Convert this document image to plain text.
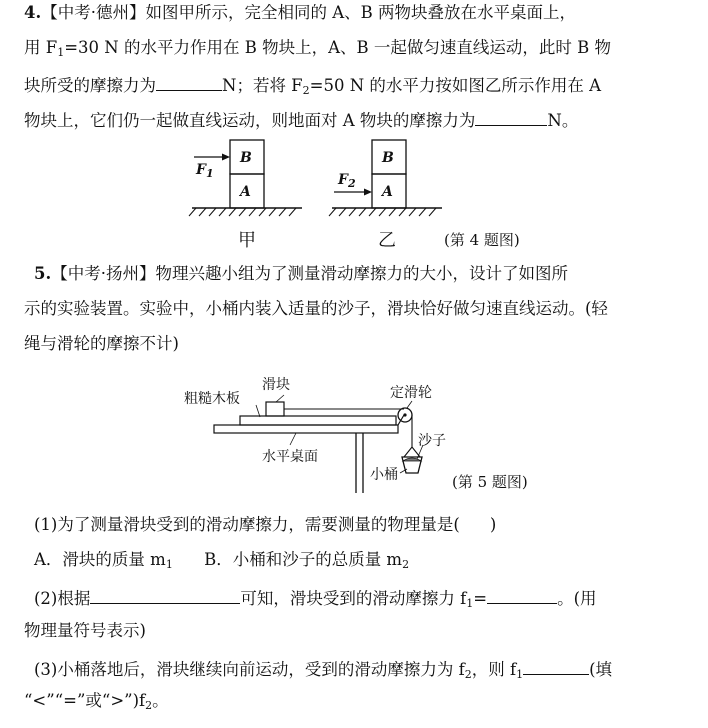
4.【中考·德州】如图甲所示，完全相同的 A、B 两物块叠放在水平桌面上，
用 $F_1=30$ N 的水平力作用在 B 物块上，A、B 一起做匀速直线运动，此时 B 物
块所受的摩擦力为	N；若将 $F_2=50$ N 的水平力按如图乙所示作用在 A
物块上，它们仍一起做直线运动，则地面对 A 物块的摩擦力为	N。
B
A
$F_1$
B
A
$F_2$
甲	乙	(第 4 题图)
5.【中考·扬州】物理兴趣小组为了测量滑动摩擦力的大小，设计了如图所
示的实验装置。实验中，小桶内装入适量的沙子，滑块恰好做匀速直线运动。(轻
绳与滑轮的摩擦不计)
滑块
粗糙木板	定滑轮
沙子
水平桌面
小桶	(第 5 题图)
(1)为了测量滑块受到的滑动摩擦力，需要测量的物理量是( )
A．滑块的质量 $m_1$ B．小桶和沙子的总质量 $m_2$
(2)根据	可知，滑块受到的滑动摩擦力 $f_1=$	。(用
物理量符号表示)
(3)小桶落地后，滑块继续向前运动，受到的滑动摩擦力为 $f_2$，则 $f_1$	(填
“<”“=”或“$>”)f_2$。
